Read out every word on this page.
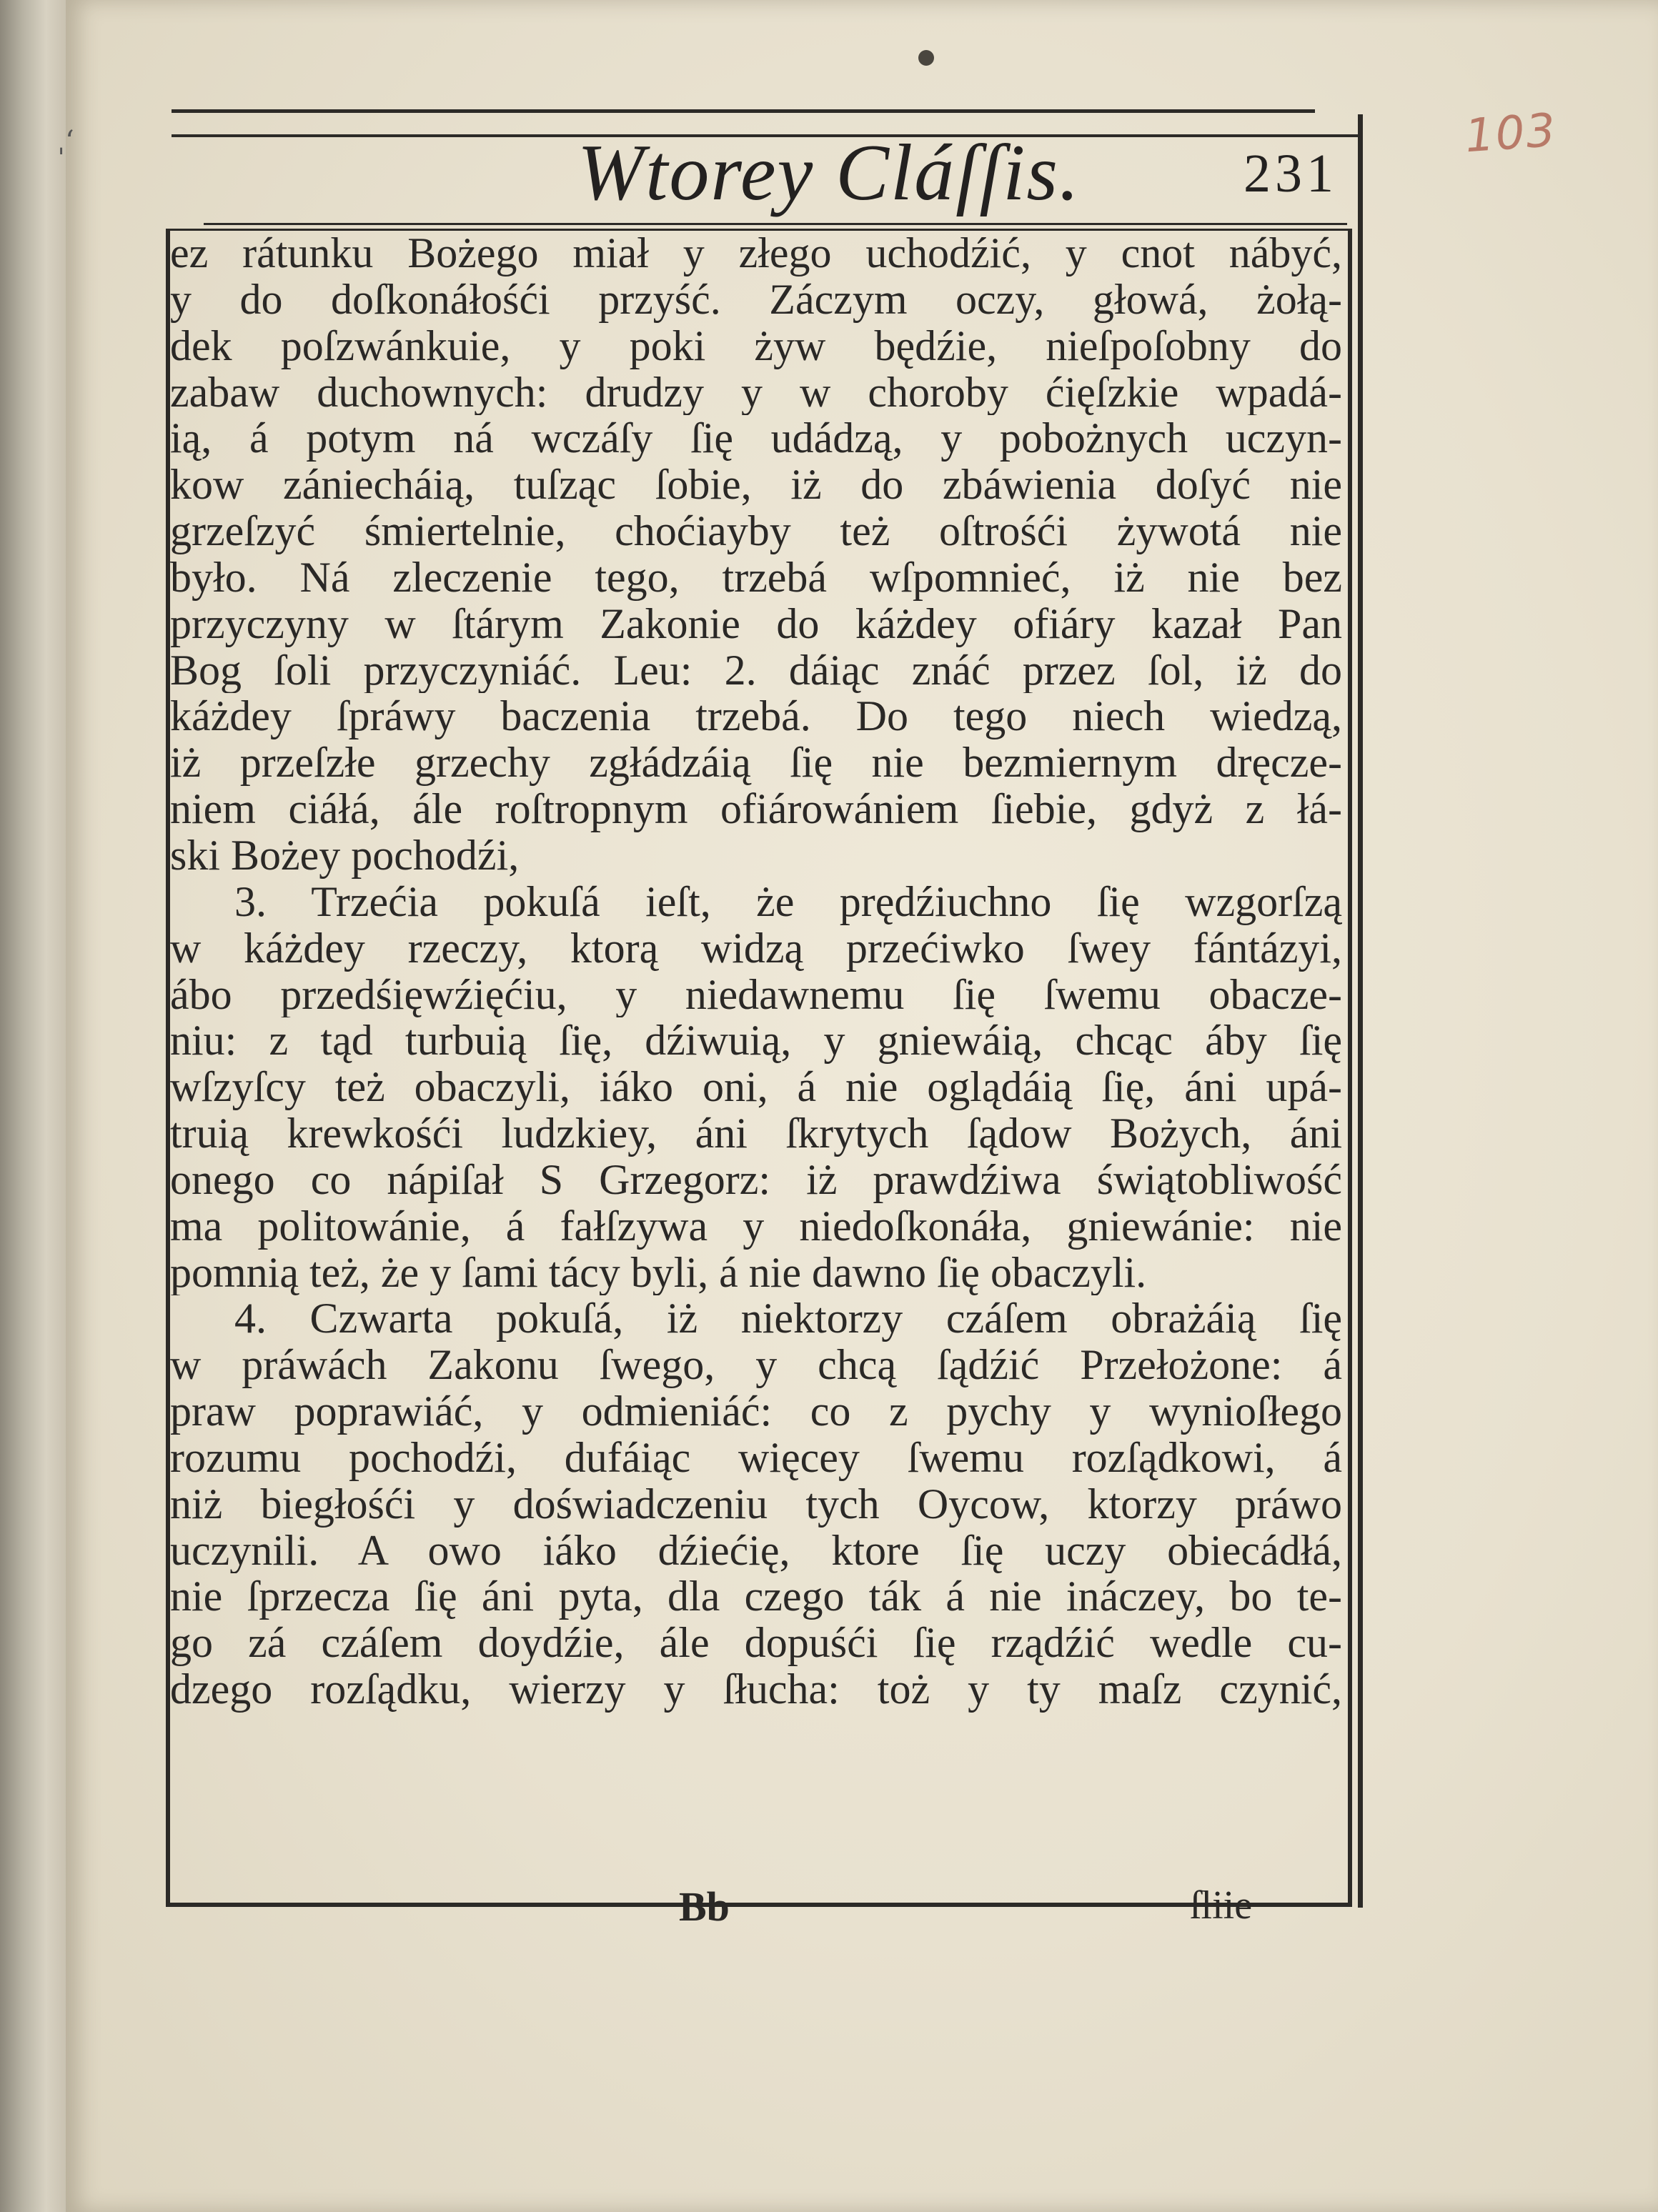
ˌ‘	103
Wtorey Cláſſis.	231
ez rátunku Bożego miał y złego uchodźić, y cnot nábyć,
y do doſkonáłośći przyść. Záczym oczy, głowá, żołą-
dek poſzwánkuie, y poki żyw będźie, nieſpoſobny do
zabaw duchownych: drudzy y w choroby ćięſzkie wpadá-
ią, á potym ná wczáſy ſię udádzą, y pobożnych uczyn-
kow zániecháią, tuſząc ſobie, iż do zbáwienia doſyć nie
grzeſzyć śmiertelnie, choćiayby też oſtrośći żywotá nie
było. Ná zleczenie tego, trzebá wſpomnieć, iż nie bez
przyczyny w ſtárym Zakonie do káżdey ofiáry kazał Pan
Bog ſoli przyczyniáć. Leu: 2. dáiąc znáć przez ſol, iż do
káżdey ſpráwy baczenia trzebá. Do tego niech wiedzą,
iż przeſzłe grzechy zgłádzáią ſię nie bezmiernym dręcze-
niem ciáłá, ále roſtropnym ofiárowániem ſiebie, gdyż z łá-
ski Bożey pochodźi,
3. Trzećia pokuſá ieſt, że prędźiuchno ſię wzgorſzą
w káżdey rzeczy, ktorą widzą przećiwko ſwey fántázyi,
ábo przedśięwźięćiu, y niedawnemu ſię ſwemu obacze-
niu: z tąd turbuią ſię, dźiwuią, y gniewáią, chcąc áby ſię
wſzyſcy też obaczyli, iáko oni, á nie oglądáią ſię, áni upá-
truią krewkośći ludzkiey, áni ſkrytych ſądow Bożych, áni
onego co nápiſał S Grzegorz: iż prawdźiwa świątobliwość
ma politowánie, á fałſzywa y niedoſkonáła, gniewánie: nie
pomnią też, że y ſami tácy byli, á nie dawno ſię obaczyli.
4. Czwarta pokuſá, iż niektorzy czáſem obrażáią ſię
w práwách Zakonu ſwego, y chcą ſądźić Przełożone: á
praw poprawiáć, y odmieniáć: co z pychy y wynioſłego
rozumu pochodźi, dufáiąc więcey ſwemu rozſądkowi, á
niż biegłośći y doświadczeniu tych Oycow, ktorzy práwo
uczynili. A owo iáko dźiećię, ktore ſię uczy obiecádłá,
nie ſprzecza ſię áni pyta, dla czego ták á nie ináczey, bo te-
go zá czáſem doydźie, ále dopuśći ſię rządźić wedle cu-
dzego rozſądku, wierzy y ſłucha: toż y ty maſz czynić,
Bb	ſliie
